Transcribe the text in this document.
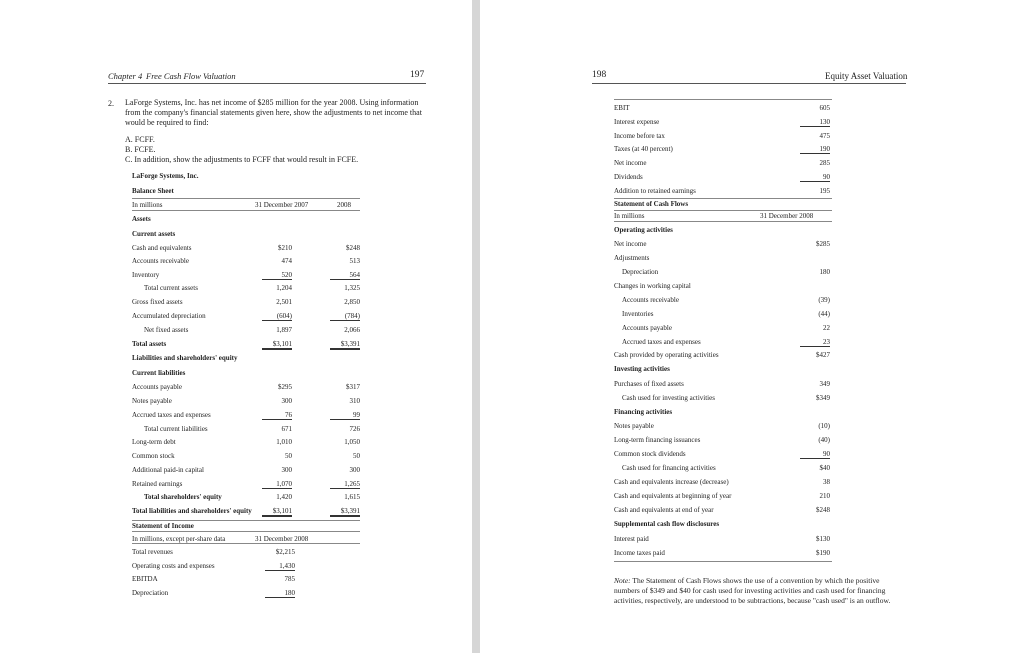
Chapter 4 Free Cash Flow Valuation	197
2. LaForge Systems, Inc. has net income of $285 million for the year 2008. Using information from the company's financial statements given here, show the adjustments to net income that would be required to find:
A. FCFF.
B. FCFE.
C. In addition, show the adjustments to FCFF that would result in FCFE.
LaForge Systems, Inc.
Balance Sheet
In millions	31 December 2007	2008
Assets
Current assets
Cash and equivalents	$210	$248
Accounts receivable	474	513
Inventory	520	564
Total current assets	1,204	1,325
Gross fixed assets	2,501	2,850
Accumulated depreciation	(604)	(784)
Net fixed assets	1,897	2,066
Total assets	$3,101	$3,391
Liabilities and shareholders' equity
Current liabilities
Accounts payable	$295	$317
Notes payable	300	310
Accrued taxes and expenses	76	99
Total current liabilities	671	726
Long-term debt	1,010	1,050
Common stock	50	50
Additional paid-in capital	300	300
Retained earnings	1,070	1,265
Total shareholders' equity	1,420	1,615
Total liabilities and shareholders' equity	$3,101	$3,391
Statement of Income
In millions, except per-share data	31 December 2008
Total revenues	$2,215
Operating costs and expenses	1,430
EBITDA	785
Depreciation	180
198	Equity Asset Valuation
EBIT	605
Interest expense	130
Income before tax	475
Taxes (at 40 percent)	190
Net income	285
Dividends	90
Addition to retained earnings	195
Statement of Cash Flows
In millions	31 December 2008
Operating activities
Net income	$285
Adjustments
Depreciation	180
Changes in working capital
Accounts receivable	(39)
Inventories	(44)
Accounts payable	22
Accrued taxes and expenses	23
Cash provided by operating activities	$427
Investing activities
Purchases of fixed assets	349
Cash used for investing activities	$349
Financing activities
Notes payable	(10)
Long-term financing issuances	(40)
Common stock dividends	90
Cash used for financing activities	$40
Cash and equivalents increase (decrease)	38
Cash and equivalents at beginning of year	210
Cash and equivalents at end of year	$248
Supplemental cash flow disclosures
Interest paid	$130
Income taxes paid	$190
Note: The Statement of Cash Flows shows the use of a convention by which the positive numbers of $349 and $40 for cash used for investing activities and cash used for financing activities, respectively, are understood to be subtractions, because "cash used" is an outflow.
